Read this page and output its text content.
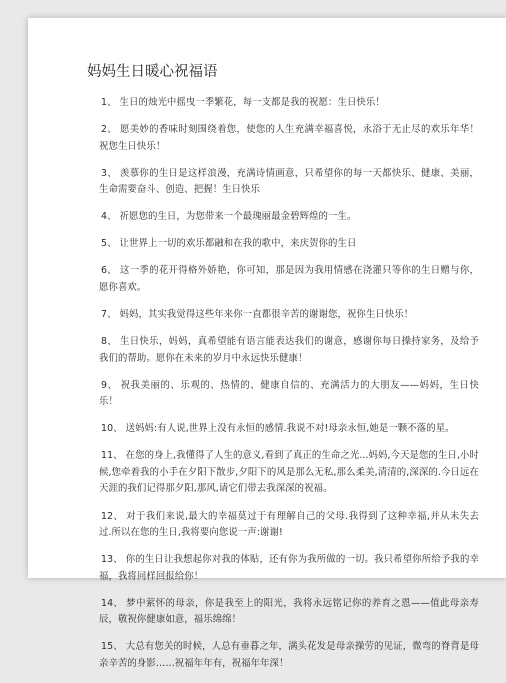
妈妈生日暖心祝福语
1、 生日的烛光中摇曳一季繁花，每一支都是我的祝愿：生日快乐！
2、 愿美妙的香味时刻围绕着您，使您的人生充满幸福喜悦，永浴于无止尽的欢乐年华！祝您生日快乐！
3、 羡慕你的生日是这样浪漫，充满诗情画意，只希望你的每一天都快乐、健康、美丽，生命需要奋斗、创造、把握！生日快乐
4、 祈愿您的生日，为您带来一个最瑰丽最金碧辉煌的一生。
5、 让世界上一切的欢乐都融和在我的歌中，来庆贺你的生日
6、 这一季的花开得格外娇艳，你可知，那是因为我用情感在浇灌只等你的生日赠与你，愿你喜欢。
7、 妈妈，其实我觉得这些年来你一直都很辛苦的谢谢您，祝你生日快乐！
8、 生日快乐，妈妈，真希望能有语言能表达我们的谢意，感谢你每日操持家务，及给予我们的帮助。愿你在未来的岁月中永远快乐健康！
9、 祝我美丽的、乐观的、热情的、健康自信的、充满活力的大朋友——妈妈，生日快乐！
10、 送妈妈:有人说,世界上没有永恒的感情.我说不对!母亲永恒,她是一颗不落的星。
11、 在您的身上,我懂得了人生的意义,看到了真正的生命之光...妈妈,今天是您的生日,小时候,您牵着我的小手在夕阳下散步,夕阳下的风是那么无私,那么柔美,清清的,深深的.今日远在天涯的我们记得那夕阳,那风,请它们带去我深深的祝福。
12、 对于我们来说,最大的幸福莫过于有理解自己的父母.我得到了这种幸福,并从未失去过.所以在您的生日,我将要向您说一声:谢谢!
13、 你的生日让我想起你对我的体贴，还有你为我所做的一切。我只希望你所给予我的幸福，我将同样回报给你！
14、 梦中萦怀的母亲，你是我至上的阳光，我将永远铭记你的养育之恩——值此母亲寿辰，敬祝你健康如意，福乐绵绵！
15、 大总有您关的时候，人总有垂暮之年，满头花发是母亲操劳的见证，微弯的脊背是母亲辛苦的身影……祝福年年有，祝福年年深！
